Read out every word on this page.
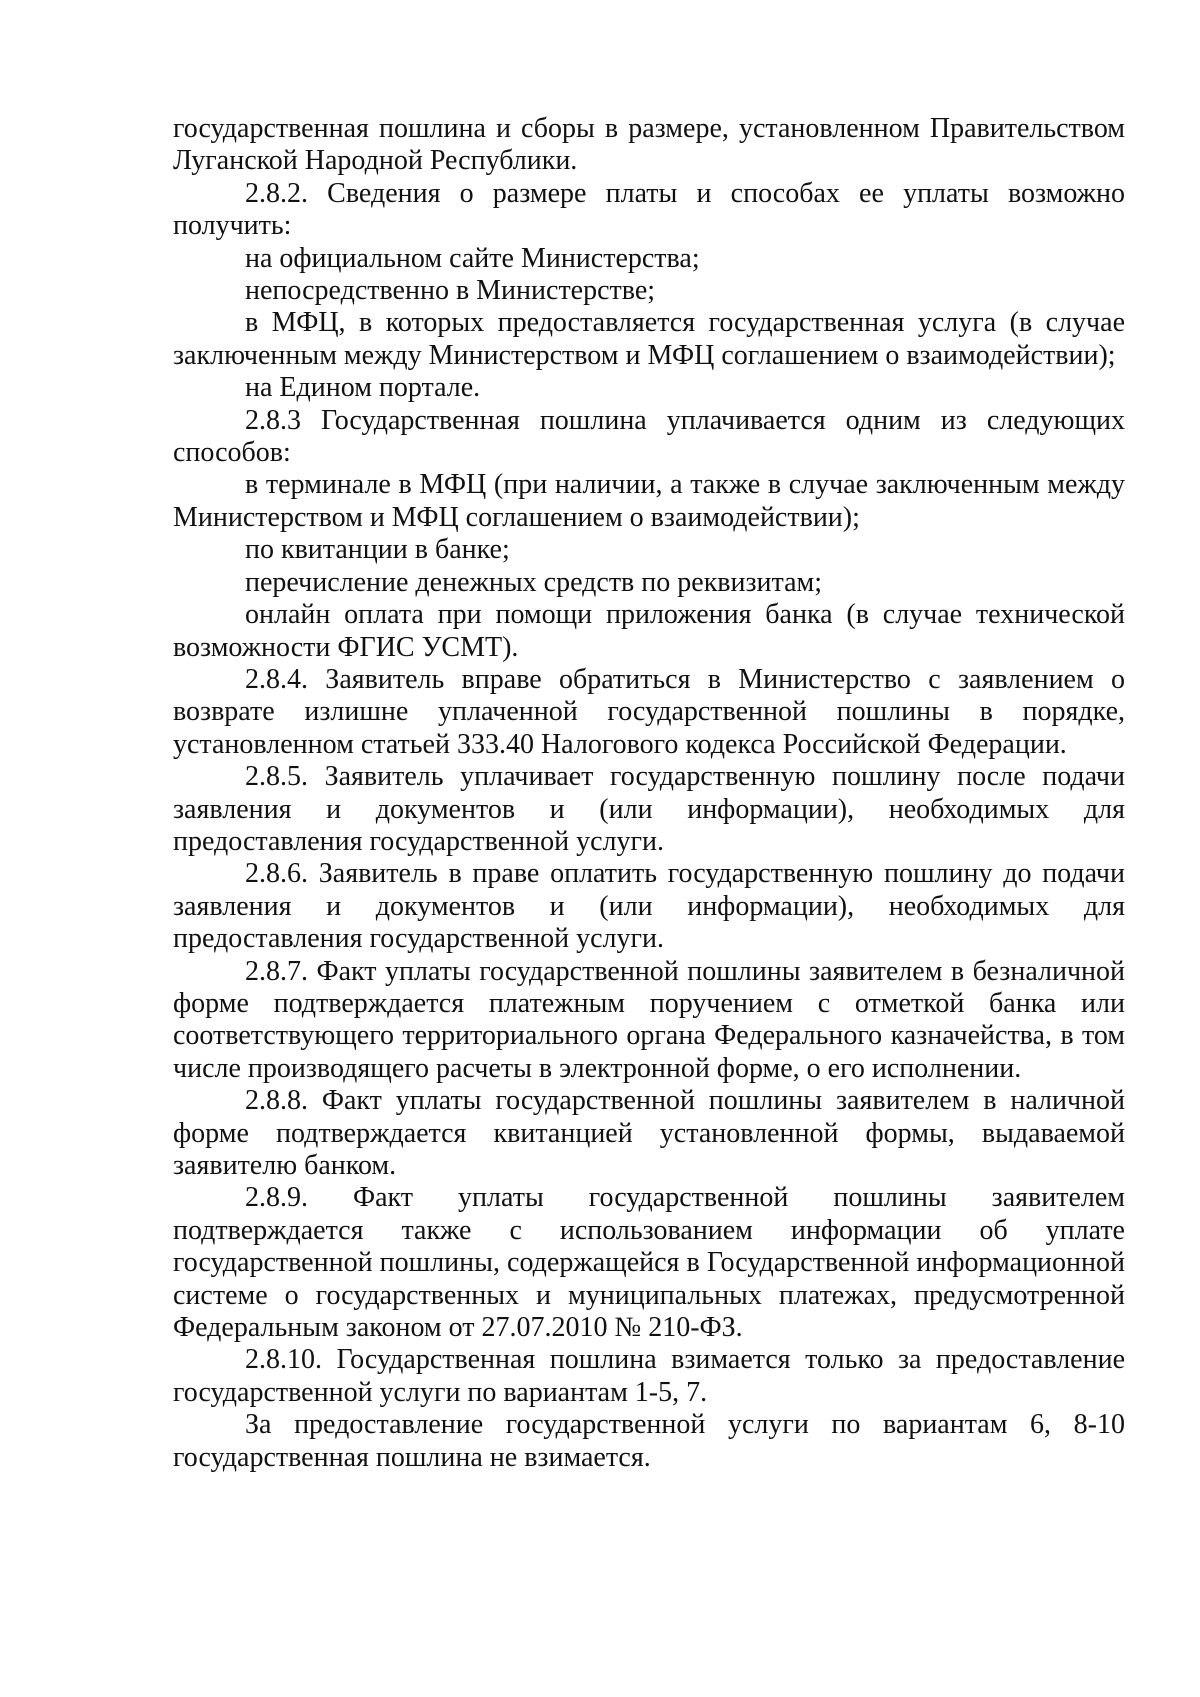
государственная пошлина и сборы в размере, установленном Правительством Луганской Народной Республики.

2.8.2. Сведения о размере платы и способах ее уплаты возможно получить:

на официальном сайте Министерства;

непосредственно в Министерстве;

в МФЦ, в которых предоставляется государственная услуга (в случае заключенным между Министерством и МФЦ соглашением о взаимодействии);

на Едином портале.

2.8.3 Государственная пошлина уплачивается одним из следующих способов:

в терминале в МФЦ (при наличии, а также в случае заключенным между Министерством и МФЦ соглашением о взаимодействии);

по квитанции в банке;

перечисление денежных средств по реквизитам;

онлайн оплата при помощи приложения банка (в случае технической возможности ФГИС УСМТ).

2.8.4. Заявитель вправе обратиться в Министерство с заявлением о возврате излишне уплаченной государственной пошлины в порядке, установленном статьей 333.40 Налогового кодекса Российской Федерации.

2.8.5. Заявитель уплачивает государственную пошлину после подачи заявления и документов и (или информации), необходимых для предоставления государственной услуги.

2.8.6. Заявитель в праве оплатить государственную пошлину до подачи заявления и документов и (или информации), необходимых для предоставления государственной услуги.

2.8.7. Факт уплаты государственной пошлины заявителем в безналичной форме подтверждается платежным поручением с отметкой банка или соответствующего территориального органа Федерального казначейства, в том числе производящего расчеты в электронной форме, о его исполнении.

2.8.8. Факт уплаты государственной пошлины заявителем в наличной форме подтверждается квитанцией установленной формы, выдаваемой заявителю банком.

2.8.9. Факт уплаты государственной пошлины заявителем подтверждается также с использованием информации об уплате государственной пошлины, содержащейся в Государственной информационной системе о государственных и муниципальных платежах, предусмотренной Федеральным законом от 27.07.2010 № 210-ФЗ.

2.8.10. Государственная пошлина взимается только за предоставление государственной услуги по вариантам 1-5, 7.

За предоставление государственной услуги по вариантам 6, 8-10 государственная пошлина не взимается.
